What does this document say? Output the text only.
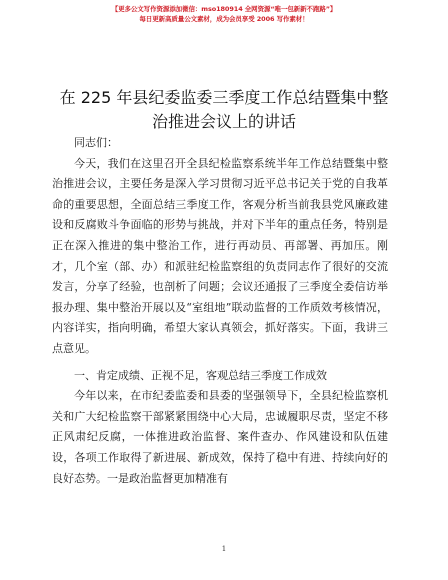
【更多公文写作资源添加微信：mso180914 全网资源“唯一包新新不跑路”】
每日更新高质量公文素材，成为会员享受 2006 写作素材！
在 225 年县纪委监委三季度工作总结暨集中整
治推进会议上的讲话

同志们：

今天，我们在这里召开全县纪检监察系统半年工作总结暨集中整治推进会议，主要任务是深入学习贯彻习近平总书记关于党的自我革命的重要思想，全面总结三季度工作，客观分析当前我县党风廉政建设和反腐败斗争面临的形势与挑战，并对下半年的重点任务，特别是正在深入推进的集中整治工作，进行再动员、再部署、再加压。刚才，几个室（部、办）和派驻纪检监察组的负责同志作了很好的交流发言，分享了经验，也剖析了问题；会议还通报了三季度全委信访举报办理、集中整治开展以及“室组地”联动监督的工作质效考核情况，内容详实，指向明确，希望大家认真领会，抓好落实。下面，我讲三点意见。

一、肯定成绩、正视不足，客观总结三季度工作成效

今年以来，在市纪委监委和县委的坚强领导下，全县纪检监察机关和广大纪检监察干部紧紧围绕中心大局，忠诚履职尽责，坚定不移正风肃纪反腐，一体推进政治监督、案件查办、作风建设和队伍建设，各项工作取得了新进展、新成效，保持了稳中有进、持续向好的良好态势。一是政治监督更加精准有

1
